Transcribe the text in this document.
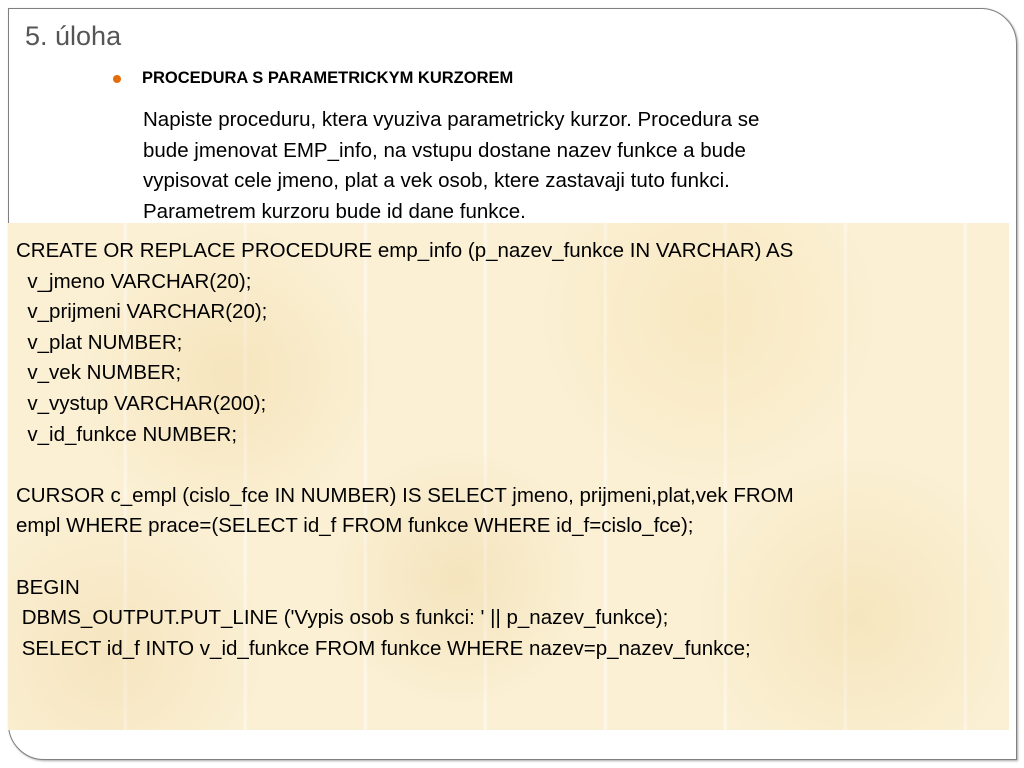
5. úloha
PROCEDURA S PARAMETRICKYM KURZOREM
Napiste proceduru, ktera vyuziva parametricky kurzor. Procedura se
bude jmenovat EMP_info, na vstupu dostane nazev funkce a bude
vypisovat cele jmeno, plat a vek osob, ktere zastavaji tuto funkci.
Parametrem kurzoru bude id dane funkce.
CREATE OR REPLACE PROCEDURE emp_info (p_nazev_funkce IN VARCHAR) AS
v_jmeno VARCHAR(20);
v_prijmeni VARCHAR(20);
v_plat NUMBER;
v_vek NUMBER;
v_vystup VARCHAR(200);
v_id_funkce NUMBER;
CURSOR c_empl (cislo_fce IN NUMBER) IS SELECT jmeno, prijmeni,plat,vek FROM
empl WHERE prace=(SELECT id_f FROM funkce WHERE id_f=cislo_fce);
BEGIN
DBMS_OUTPUT.PUT_LINE ('Vypis osob s funkci: ' || p_nazev_funkce);
SELECT id_f INTO v_id_funkce FROM funkce WHERE nazev=p_nazev_funkce;
